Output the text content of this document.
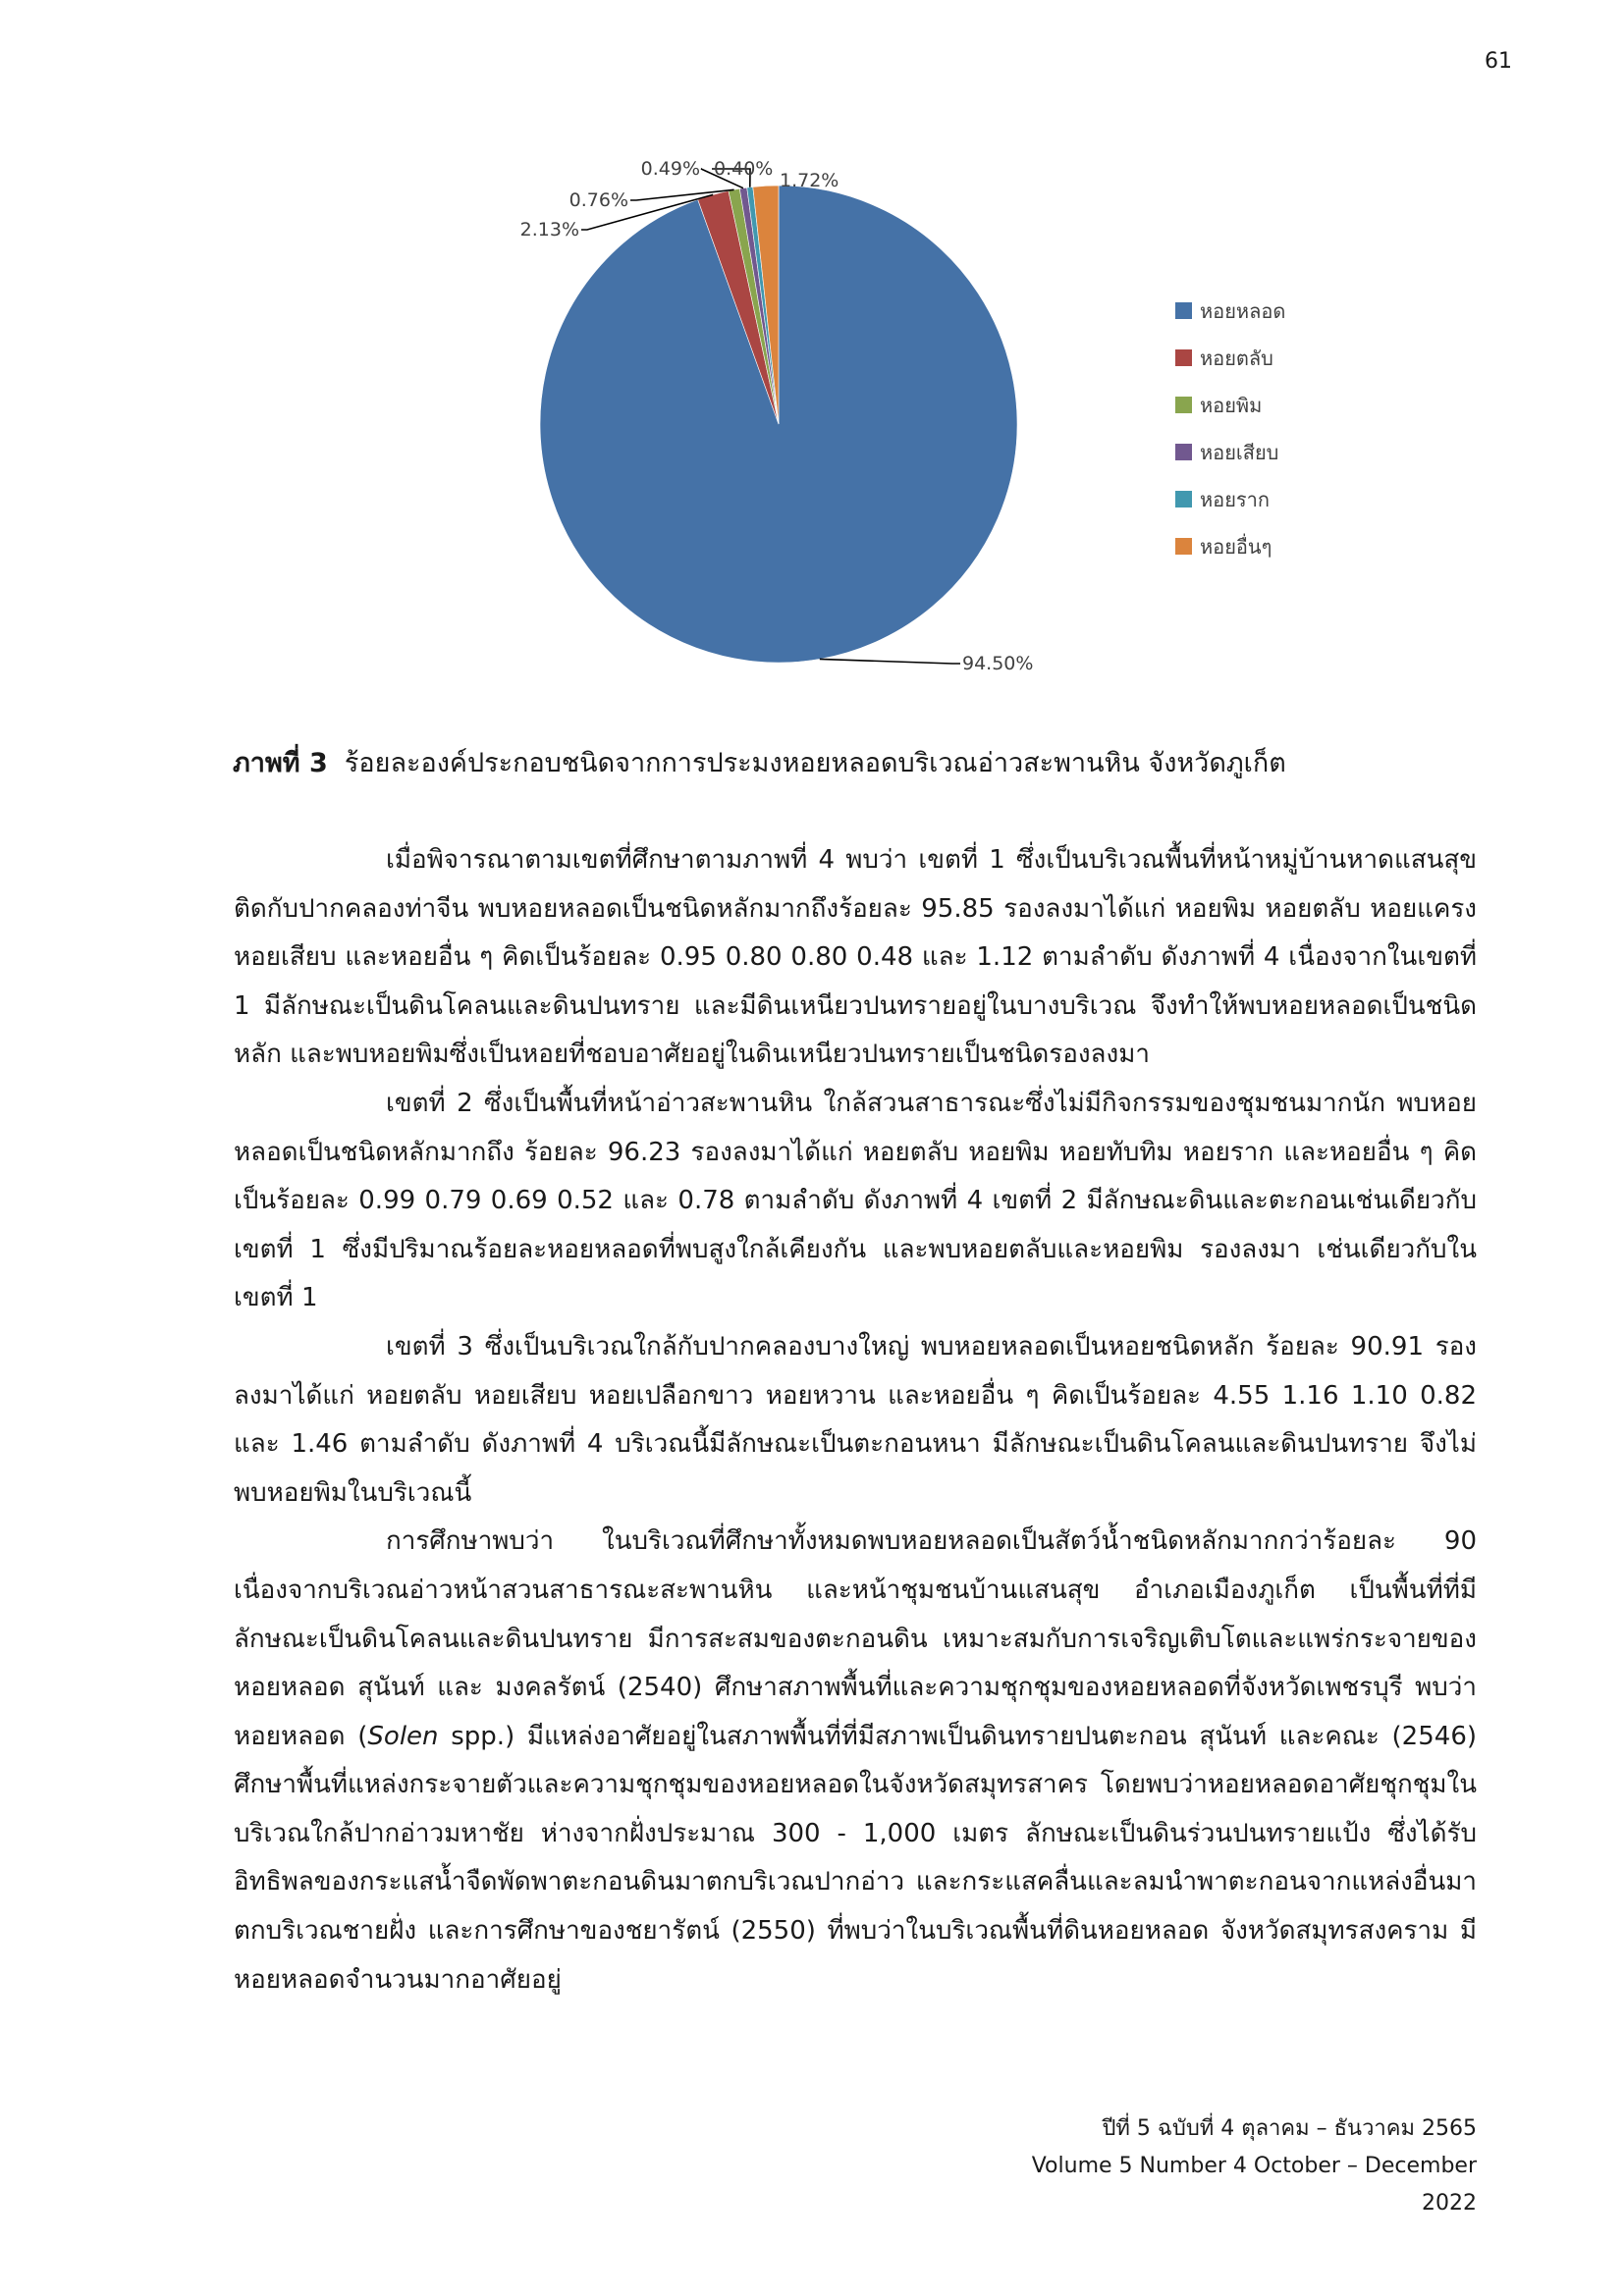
61
94.50%
2.13%
0.76%
0.49% 0.40%
1.72%
หอยหลอด
หอยตลับ
หอยพิม
หอยเสียบ
หอยราก
หอยอื่นๆ
ภาพที่ 3 ร้อยละองค์ประกอบชนิดจากการประมงหอยหลอดบริเวณอ่าวสะพานหิน จังหวัดภูเก็ต

เมื่อพิจารณาตามเขตที่ศึกษาตามภาพที่ 4 พบว่า เขตที่ 1 ซึ่งเป็นบริเวณพื้นที่หน้าหมู่บ้านหาดแสนสุข ติดกับปากคลองท่าจีน พบหอยหลอดเป็นชนิดหลักมากถึงร้อยละ 95.85 รองลงมาได้แก่ หอยพิม หอยตลับ หอยแครง หอยเสียบ และหอยอื่น ๆ คิดเป็นร้อยละ 0.95 0.80 0.80 0.48 และ 1.12 ตามลำดับ ดังภาพที่ 4 เนื่องจากในเขตที่ 1 มีลักษณะเป็นดินโคลนและดินปนทราย และมีดินเหนียวปนทรายอยู่ในบางบริเวณ จึงทำให้พบหอยหลอดเป็นชนิดหลัก และพบหอยพิมซึ่งเป็นหอยที่ชอบอาศัยอยู่ในดินเหนียวปนทรายเป็นชนิดรองลงมา

เขตที่ 2 ซึ่งเป็นพื้นที่หน้าอ่าวสะพานหิน ใกล้สวนสาธารณะซึ่งไม่มีกิจกรรมของชุมชนมากนัก พบหอยหลอดเป็นชนิดหลักมากถึง ร้อยละ 96.23 รองลงมาได้แก่ หอยตลับ หอยพิม หอยทับทิม หอยราก และหอยอื่น ๆ คิดเป็นร้อยละ 0.99 0.79 0.69 0.52 และ 0.78 ตามลำดับ ดังภาพที่ 4 เขตที่ 2 มีลักษณะดินและตะกอนเช่นเดียวกับเขตที่ 1 ซึ่งมีปริมาณร้อยละหอยหลอดที่พบสูงใกล้เคียงกัน และพบหอยตลับและหอยพิม รองลงมา เช่นเดียวกับในเขตที่ 1

เขตที่ 3 ซึ่งเป็นบริเวณใกล้กับปากคลองบางใหญ่ พบหอยหลอดเป็นหอยชนิดหลัก ร้อยละ 90.91 รองลงมาได้แก่ หอยตลับ หอยเสียบ หอยเปลือกขาว หอยหวาน และหอยอื่น ๆ คิดเป็นร้อยละ 4.55 1.16 1.10 0.82 และ 1.46 ตามลำดับ ดังภาพที่ 4 บริเวณนี้มีลักษณะเป็นตะกอนหนา มีลักษณะเป็นดินโคลนและดินปนทราย จึงไม่พบหอยพิมในบริเวณนี้

การศึกษาพบว่า ในบริเวณที่ศึกษาทั้งหมดพบหอยหลอดเป็นสัตว์น้ำชนิดหลักมากกว่าร้อยละ 90 เนื่องจากบริเวณอ่าวหน้าสวนสาธารณะสะพานหิน และหน้าชุมชนบ้านแสนสุข อำเภอเมืองภูเก็ต เป็นพื้นที่ที่มีลักษณะเป็นดินโคลนและดินปนทราย มีการสะสมของตะกอนดิน เหมาะสมกับการเจริญเติบโตและแพร่กระจายของหอยหลอด สุนันท์ และ มงคลรัตน์ (2540) ศึกษาสภาพพื้นที่และความชุกชุมของหอยหลอดที่จังหวัดเพชรบุรี พบว่าหอยหลอด (Solen spp.) มีแหล่งอาศัยอยู่ในสภาพพื้นที่ที่มีสภาพเป็นดินทรายปนตะกอน สุนันท์ และคณะ (2546) ศึกษาพื้นที่แหล่งกระจายตัวและความชุกชุมของหอยหลอดในจังหวัดสมุทรสาคร โดยพบว่าหอยหลอดอาศัยชุกชุมในบริเวณใกล้ปากอ่าวมหาชัย ห่างจากฝั่งประมาณ 300 - 1,000 เมตร ลักษณะเป็นดินร่วนปนทรายแป้ง ซึ่งได้รับอิทธิพลของกระแสน้ำจืดพัดพาตะกอนดินมาตกบริเวณปากอ่าว และกระแสคลื่นและลมนำพาตะกอนจากแหล่งอื่นมาตกบริเวณชายฝั่ง และการศึกษาของชยารัตน์ (2550) ที่พบว่าในบริเวณพื้นที่ดินหอยหลอด จังหวัดสมุทรสงคราม มีหอยหลอดจำนวนมากอาศัยอยู่

ปีที่ 5 ฉบับที่ 4 ตุลาคม – ธันวาคม 2565
Volume 5 Number 4 October – December 2022
